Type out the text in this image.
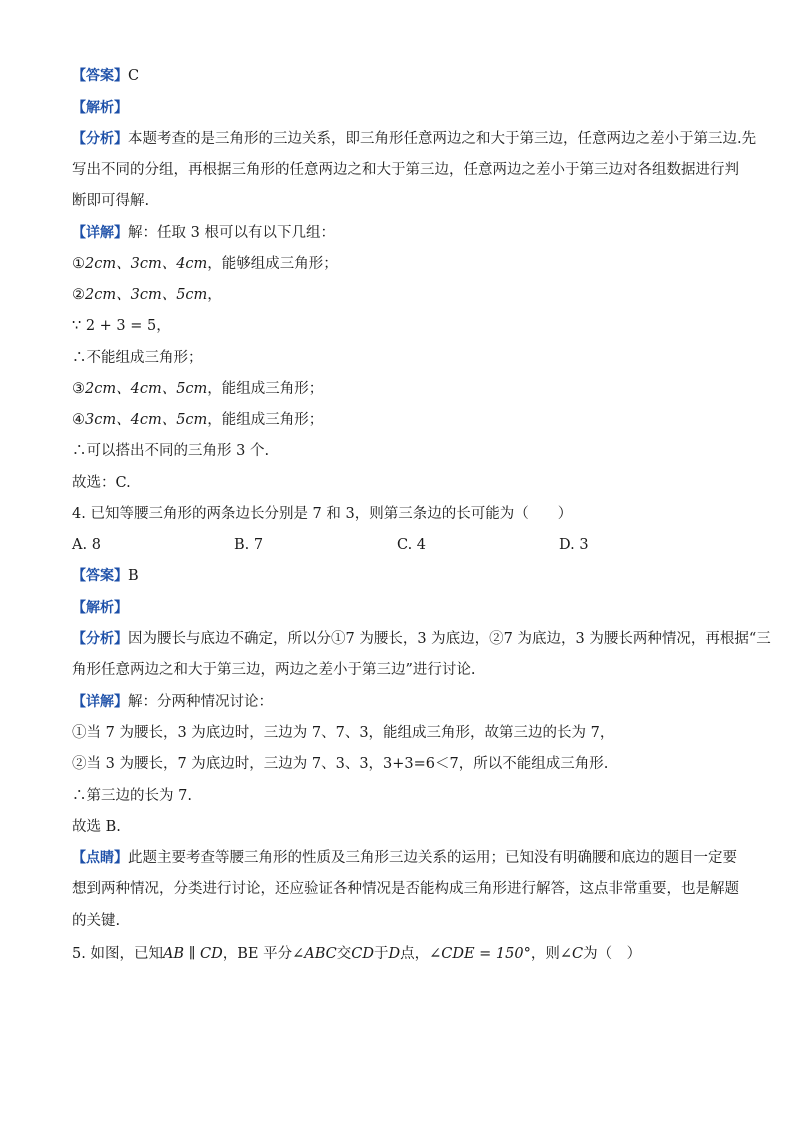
【答案】C
【解析】
【分析】本题考查的是三角形的三边关系，即三角形任意两边之和大于第三边，任意两边之差小于第三边.先
写出不同的分组，再根据三角形的任意两边之和大于第三边，任意两边之差小于第三边对各组数据进行判
断即可得解.
【详解】解：任取 3 根可以有以下几组：
①2cm、3cm、4cm，能够组成三角形；
②2cm、3cm、5cm，
∵ 2 + 3 = 5，
∴不能组成三角形；
③2cm、4cm、5cm，能组成三角形；
④3cm、4cm、5cm，能组成三角形；
∴可以搭出不同的三角形 3 个.
故选：C.
4. 已知等腰三角形的两条边长分别是 7 和 3，则第三条边的长可能为（　　）
A. 8	B. 7	C. 4	D. 3
【答案】B
【解析】
【分析】因为腰长与底边不确定，所以分①7 为腰长，3 为底边，②7 为底边，3 为腰长两种情况，再根据“三
角形任意两边之和大于第三边，两边之差小于第三边”进行讨论.
【详解】解：分两种情况讨论：
①当 7 为腰长，3 为底边时，三边为 7、7、3，能组成三角形，故第三边的长为 7，
②当 3 为腰长，7 为底边时，三边为 7、3、3，3+3=6＜7，所以不能组成三角形.
∴第三边的长为 7.
故选 B.
【点睛】此题主要考查等腰三角形的性质及三角形三边关系的运用；已知没有明确腰和底边的题目一定要
想到两种情况，分类进行讨论，还应验证各种情况是否能构成三角形进行解答，这点非常重要，也是解题
的关键.
5. 如图，已知AB ∥ CD，BE 平分∠ABC交CD于D点，∠CDE = 150°，则∠C为（　）
